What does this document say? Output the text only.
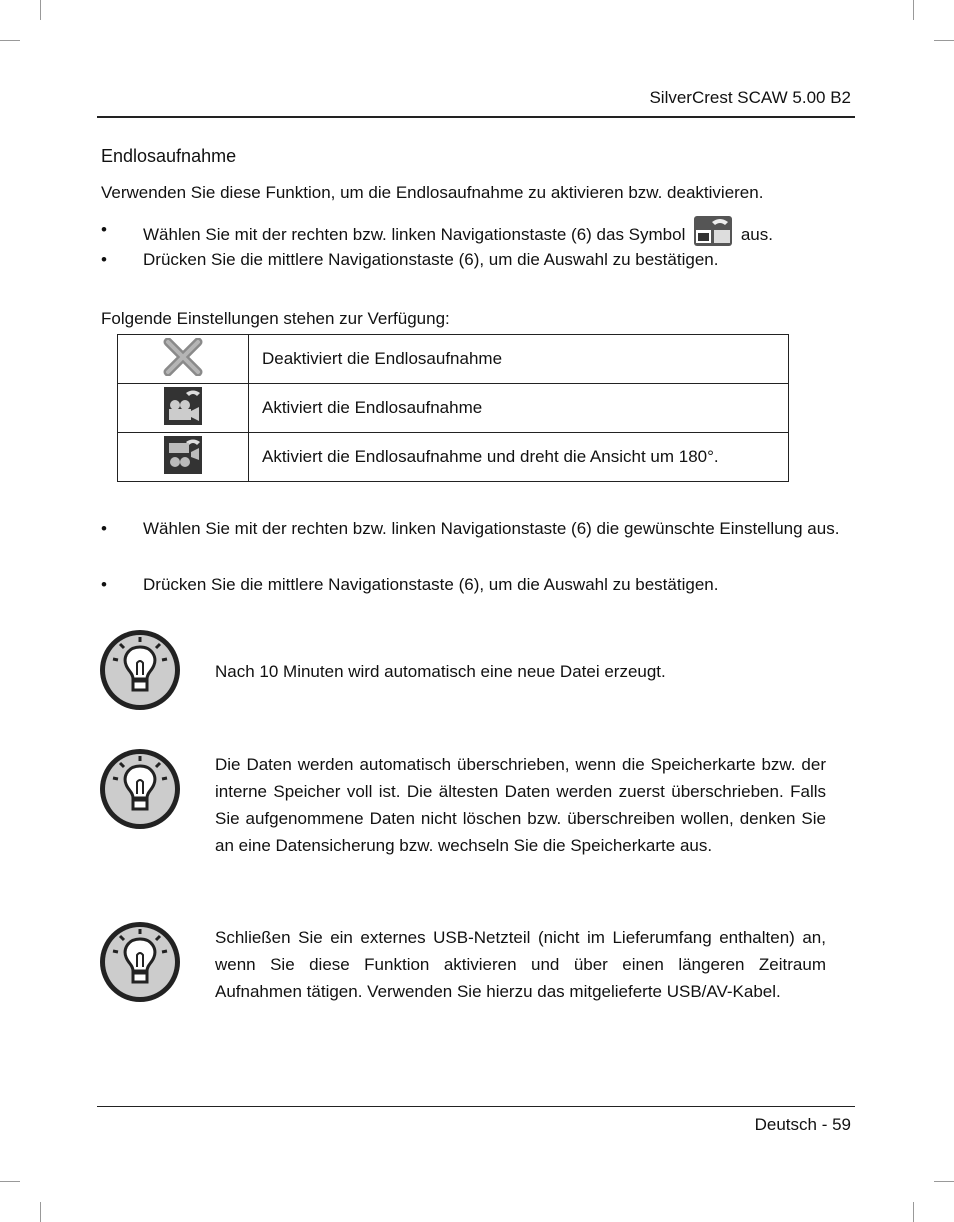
SilverCrest SCAW 5.00 B2
Endlosaufnahme
Verwenden Sie diese Funktion, um die Endlosaufnahme zu aktivieren bzw. deaktivieren.
•	Wählen Sie mit der rechten bzw. linken Navigationstaste (6) das Symbol	aus.
•	Drücken Sie die mittlere Navigationstaste (6), um die Auswahl zu bestätigen.
Folgende Einstellungen stehen zur Verfügung:
	Deaktiviert die Endlosaufnahme
	Aktiviert die Endlosaufnahme
	Aktiviert die Endlosaufnahme und dreht die Ansicht um 180°.
•	Wählen Sie mit der rechten bzw. linken Navigationstaste (6) die gewünschte Einstellung aus.
•	Drücken Sie die mittlere Navigationstaste (6), um die Auswahl zu bestätigen.
Nach 10 Minuten wird automatisch eine neue Datei erzeugt.
Die Daten werden automatisch überschrieben, wenn die Speicherkarte bzw. der interne Speicher voll ist. Die ältesten Daten werden zuerst überschrieben. Falls Sie aufgenommene Daten nicht löschen bzw. überschreiben wollen, denken Sie an eine Datensicherung bzw. wechseln Sie die Speicherkarte aus.
Schließen Sie ein externes USB-Netzteil (nicht im Lieferumfang enthalten) an, wenn Sie diese Funktion aktivieren und über einen längeren Zeitraum Aufnahmen tätigen. Verwenden Sie hierzu das mitgelieferte USB/AV-Kabel.
Deutsch - 59
